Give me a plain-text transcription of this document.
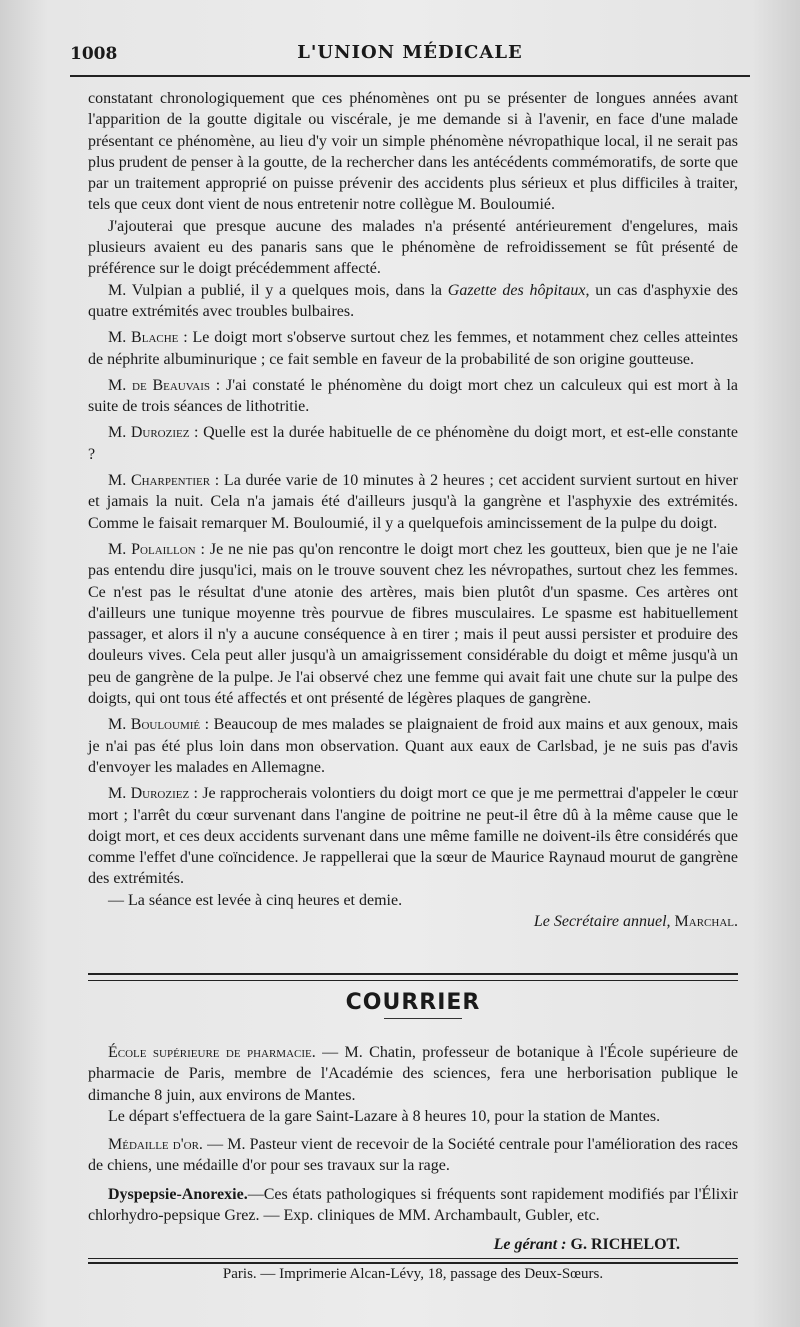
1008	L'UNION MÉDICALE

constatant chronologiquement que ces phénomènes ont pu se présenter de longues années avant l'apparition de la goutte digitale ou viscérale, je me demande si à l'avenir, en face d'une malade présentant ce phénomène, au lieu d'y voir un simple phénomène névropathique local, il ne serait pas plus prudent de penser à la goutte, de la rechercher dans les antécédents commémoratifs, de sorte que par un traitement approprié on puisse prévenir des accidents plus sérieux et plus difficiles à traiter, tels que ceux dont vient de nous entretenir notre collègue M. Bouloumié.

J'ajouterai que presque aucune des malades n'a présenté antérieurement d'engelures, mais plusieurs avaient eu des panaris sans que le phénomène de refroidissement se fût présenté de préférence sur le doigt précédemment affecté.

M. Vulpian a publié, il y a quelques mois, dans la Gazette des hôpitaux, un cas d'asphyxie des quatre extrémités avec troubles bulbaires.

M. Blache : Le doigt mort s'observe surtout chez les femmes, et notamment chez celles atteintes de néphrite albuminurique ; ce fait semble en faveur de la probabilité de son origine goutteuse.

M. de Beauvais : J'ai constaté le phénomène du doigt mort chez un calculeux qui est mort à la suite de trois séances de lithotritie.

M. Duroziez : Quelle est la durée habituelle de ce phénomène du doigt mort, et est-elle constante ?

M. Charpentier : La durée varie de 10 minutes à 2 heures ; cet accident survient surtout en hiver et jamais la nuit. Cela n'a jamais été d'ailleurs jusqu'à la gangrène et l'asphyxie des extrémités. Comme le faisait remarquer M. Bouloumié, il y a quelquefois amincissement de la pulpe du doigt.

M. Polaillon : Je ne nie pas qu'on rencontre le doigt mort chez les goutteux, bien que je ne l'aie pas entendu dire jusqu'ici, mais on le trouve souvent chez les névropathes, surtout chez les femmes. Ce n'est pas le résultat d'une atonie des artères, mais bien plutôt d'un spasme. Ces artères ont d'ailleurs une tunique moyenne très pourvue de fibres musculaires. Le spasme est habituellement passager, et alors il n'y a aucune conséquence à en tirer ; mais il peut aussi persister et produire des douleurs vives. Cela peut aller jusqu'à un amaigrissement considérable du doigt et même jusqu'à un peu de gangrène de la pulpe. Je l'ai observé chez une femme qui avait fait une chute sur la pulpe des doigts, qui ont tous été affectés et ont présenté de légères plaques de gangrène.

M. Bouloumié : Beaucoup de mes malades se plaignaient de froid aux mains et aux genoux, mais je n'ai pas été plus loin dans mon observation. Quant aux eaux de Carlsbad, je ne suis pas d'avis d'envoyer les malades en Allemagne.

M. Duroziez : Je rapprocherais volontiers du doigt mort ce que je me permettrai d'appeler le cœur mort ; l'arrêt du cœur survenant dans l'angine de poitrine ne peut-il être dû à la même cause que le doigt mort, et ces deux accidents survenant dans une même famille ne doivent-ils être considérés que comme l'effet d'une coïncidence. Je rappellerai que la sœur de Maurice Raynaud mourut de gangrène des extrémités.

— La séance est levée à cinq heures et demie.

Le Secrétaire annuel, Marchal.

COURRIER

École supérieure de pharmacie. — M. Chatin, professeur de botanique à l'École supérieure de pharmacie de Paris, membre de l'Académie des sciences, fera une herborisation publique le dimanche 8 juin, aux environs de Mantes.

Le départ s'effectuera de la gare Saint-Lazare à 8 heures 10, pour la station de Mantes.

Médaille d'or. — M. Pasteur vient de recevoir de la Société centrale pour l'amélioration des races de chiens, une médaille d'or pour ses travaux sur la rage.

Dyspepsie-Anorexie.—Ces états pathologiques si fréquents sont rapidement modifiés par l'Élixir chlorhydro-pepsique Grez. — Exp. cliniques de MM. Archambault, Gubler, etc.

Le gérant : G. RICHELOT.
Paris. — Imprimerie Alcan-Lévy, 18, passage des Deux-Sœurs.
